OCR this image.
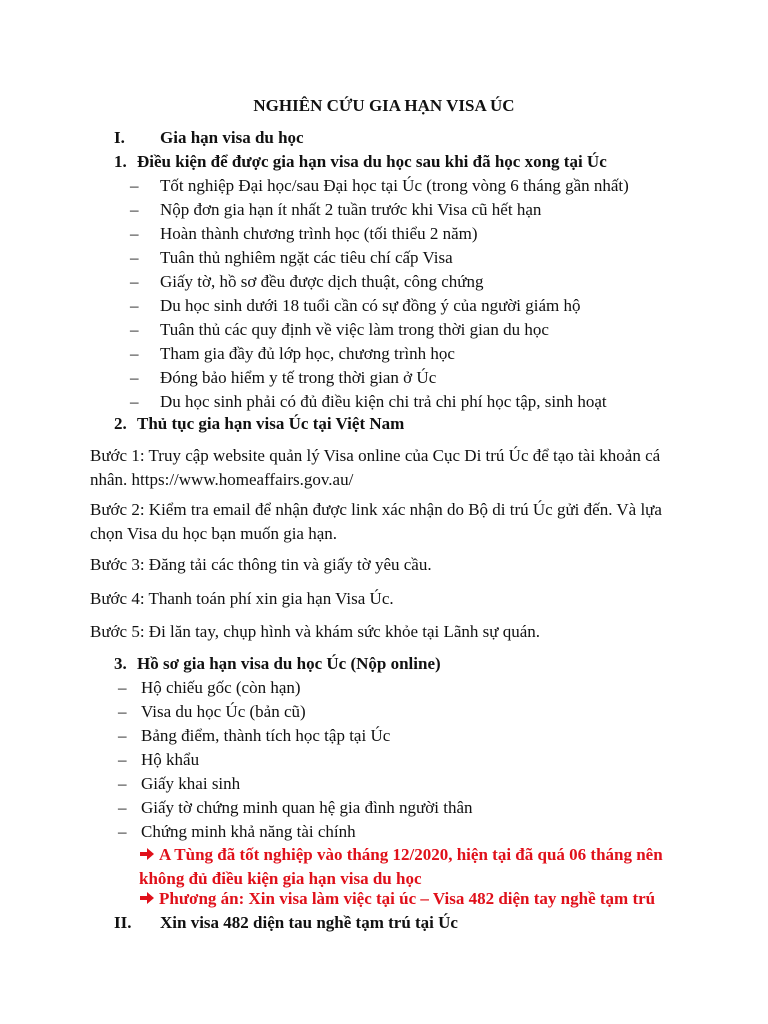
NGHIÊN CỨU GIA HẠN VISA ÚC
I. Gia hạn visa du học
1. Điều kiện để được gia hạn visa du học sau khi đã học xong tại Úc
– Tốt nghiệp Đại học/sau Đại học tại Úc (trong vòng 6 tháng gần nhất)
– Nộp đơn gia hạn ít nhất 2 tuần trước khi Visa cũ hết hạn
– Hoàn thành chương trình học (tối thiểu 2 năm)
– Tuân thủ nghiêm ngặt các tiêu chí cấp Visa
– Giấy tờ, hồ sơ đều được dịch thuật, công chứng
– Du học sinh dưới 18 tuổi cần có sự đồng ý của người giám hộ
– Tuân thủ các quy định về việc làm trong thời gian du học
– Tham gia đầy đủ lớp học, chương trình học
– Đóng bảo hiểm y tế trong thời gian ở Úc
– Du học sinh phải có đủ điều kiện chi trả chi phí học tập, sinh hoạt
2. Thủ tục gia hạn visa Úc tại Việt Nam
Bước 1: Truy cập website quản lý Visa online của Cục Di trú Úc để tạo tài khoản cá nhân. https://www.homeaffairs.gov.au/
Bước 2: Kiểm tra email để nhận được link xác nhận do Bộ di trú Úc gửi đến. Và lựa chọn Visa du học bạn muốn gia hạn.
Bước 3: Đăng tải các thông tin và giấy tờ yêu cầu.
Bước 4: Thanh toán phí xin gia hạn Visa Úc.
Bước 5: Đi lăn tay, chụp hình và khám sức khỏe tại Lãnh sự quán.
3. Hồ sơ gia hạn visa du học Úc (Nộp online)
– Hộ chiếu gốc (còn hạn)
– Visa du học Úc (bản cũ)
– Bảng điểm, thành tích học tập tại Úc
– Hộ khẩu
– Giấy khai sinh
– Giấy tờ chứng minh quan hệ gia đình người thân
– Chứng minh khả năng tài chính
A Tùng đã tốt nghiệp vào tháng 12/2020, hiện tại đã quá 06 tháng nên không đủ điều kiện gia hạn visa du học
Phương án: Xin visa làm việc tại úc – Visa 482 diện tay nghề tạm trú
II. Xin visa 482 diện tau nghề tạm trú tại Úc
